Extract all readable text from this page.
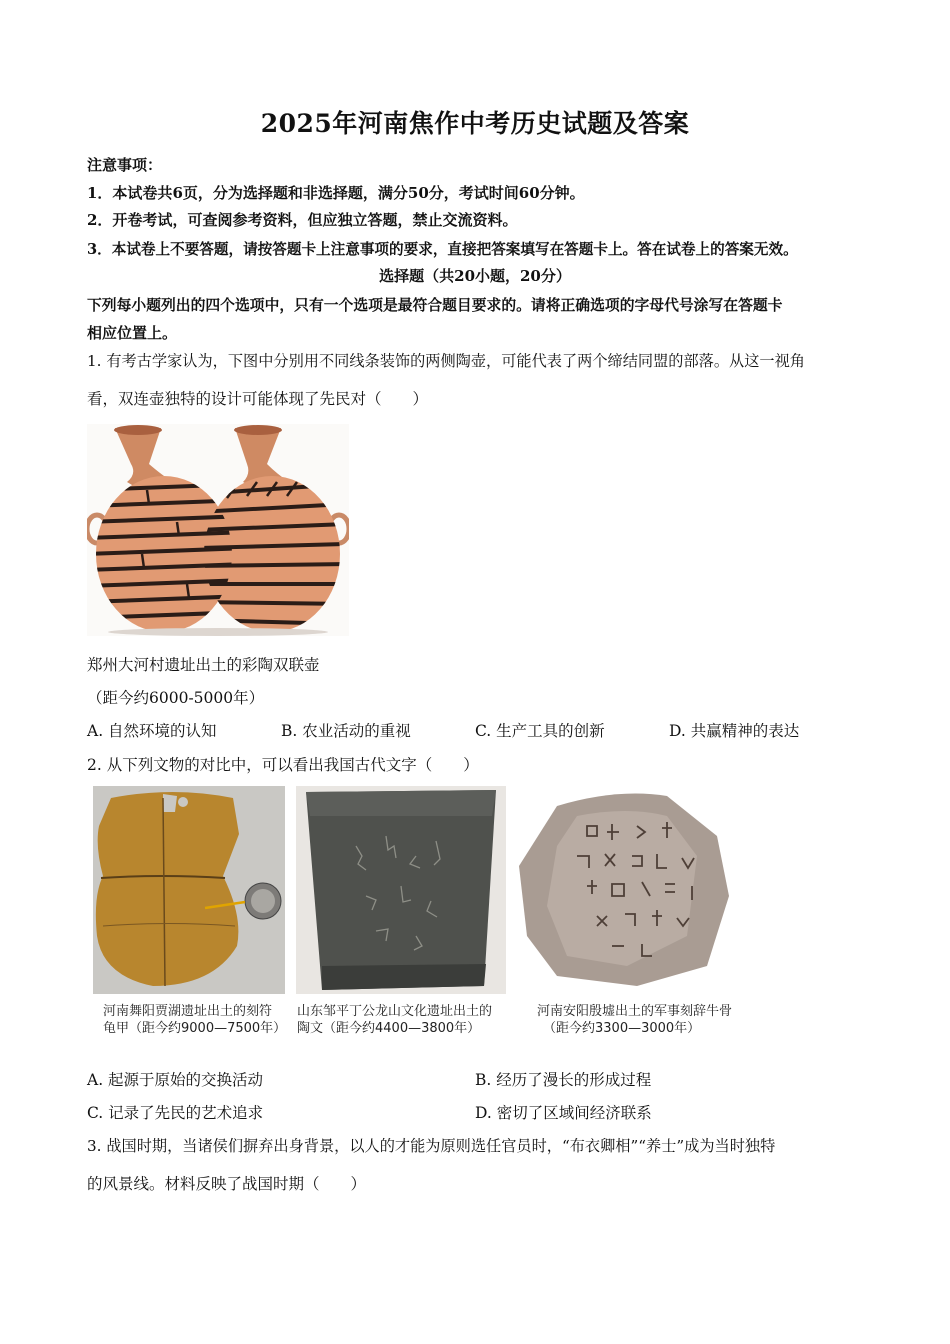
2025年河南焦作中考历史试题及答案
注意事项：
1．本试卷共6页，分为选择题和非选择题，满分50分，考试时间60分钟。
2．开卷考试，可查阅参考资料，但应独立答题，禁止交流资料。
3．本试卷上不要答题，请按答题卡上注意事项的要求，直接把答案填写在答题卡上。答在试卷上的答案无效。
选择题（共20小题，20分）
下列每小题列出的四个选项中，只有一个选项是最符合题目要求的。请将正确选项的字母代号涂写在答题卡
相应位置上。
1. 有考古学家认为，下图中分别用不同线条装饰的两侧陶壶，可能代表了两个缔结同盟的部落。从这一视角
看，双连壶独特的设计可能体现了先民对（　　）
郑州大河村遗址出土的彩陶双联壶
（距今约6000-5000年）
A. 自然环境的认知	B. 农业活动的重视	C. 生产工具的创新	D. 共赢精神的表达
2. 从下列文物的对比中，可以看出我国古代文字（　　）
河南舞阳贾湖遗址出土的刻符
龟甲（距今约9000—7500年）
山东邹平丁公龙山文化遗址出土的
陶文（距今约4400—3800年）
河南安阳殷墟出土的军事刻辞牛骨
（距今约3300—3000年）
A. 起源于原始的交换活动	B. 经历了漫长的形成过程
C. 记录了先民的艺术追求	D. 密切了区域间经济联系
3. 战国时期，当诸侯们摒弃出身背景，以人的才能为原则选任官员时，“布衣卿相”“养士”成为当时独特
的风景线。材料反映了战国时期（　　）
